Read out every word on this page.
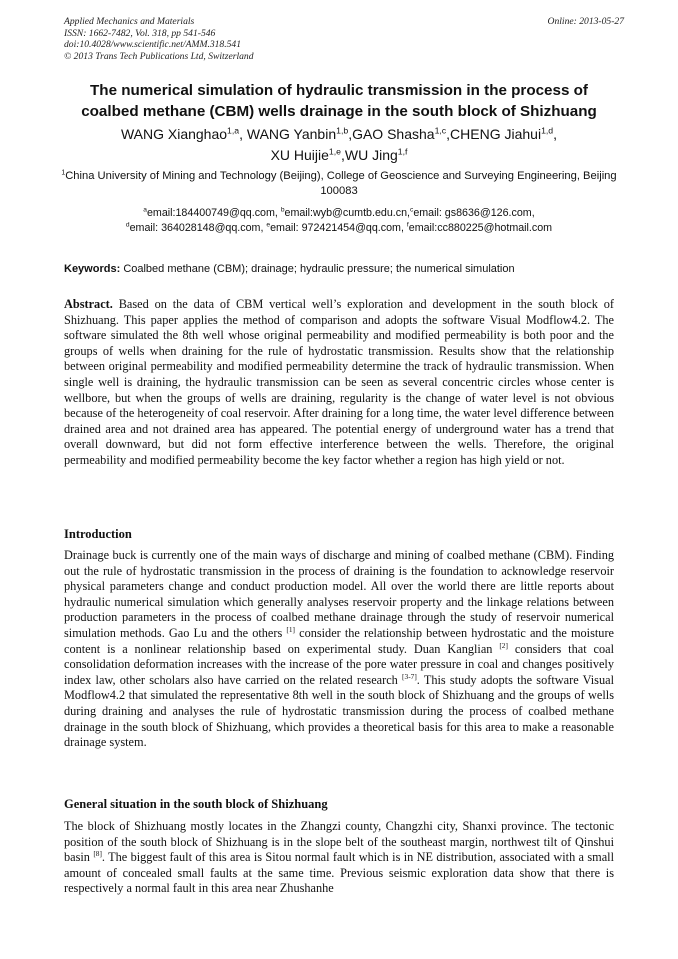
Applied Mechanics and Materials
ISSN: 1662-7482, Vol. 318, pp 541-546
doi:10.4028/www.scientific.net/AMM.318.541
© 2013 Trans Tech Publications Ltd, Switzerland
Online: 2013-05-27
The numerical simulation of hydraulic transmission in the process of
coalbed methane (CBM) wells drainage in the south block of Shizhuang
WANG Xianghao$^{1,a}$, WANG Yanbin$^{1,b}$,GAO Shasha$^{1,c}$,CHENG Jiahui$^{1,d}$,
XU Huijie$^{1,e}$,WU Jing$^{1,f}$
$^1$China University of Mining and Technology (Beijing), College of Geoscience and Surveying Engineering, Beijing 100083
$^a$email:184400749@qq.com, $^b$email:wyb@cumtb.edu.cn,$^c$email: gs8636@126.com,
$^d$email: 364028148@qq.com, $^e$email: 972421454@qq.com, $^f$email:cc880225@hotmail.com
Keywords: Coalbed methane (CBM); drainage; hydraulic pressure; the numerical simulation
Abstract. Based on the data of CBM vertical well’s exploration and development in the south block of Shizhuang. This paper applies the method of comparison and adopts the software Visual Modflow4.2. The software simulated the 8th well whose original permeability and modified permeability is both poor and the groups of wells when draining for the rule of hydrostatic transmission. Results show that the relationship between original permeability and modified permeability determine the track of hydraulic transmission. When single well is draining, the hydraulic transmission can be seen as several concentric circles whose center is wellbore, but when the groups of wells are draining, regularity is the change of water level is not obvious because of the heterogeneity of coal reservoir. After draining for a long time, the water level difference between drained area and not drained area has appeared. The potential energy of underground water has a trend that overall downward, but did not form effective interference between the wells. Therefore, the original permeability and modified permeability become the key factor whether a region has high yield or not.
Introduction
Drainage buck is currently one of the main ways of discharge and mining of coalbed methane (CBM). Finding out the rule of hydrostatic transmission in the process of draining is the foundation to acknowledge reservoir physical parameters change and conduct production model. All over the world there are little reports about hydraulic numerical simulation which generally analyses reservoir property and the linkage relations between production parameters in the process of coalbed methane drainage through the study of reservoir numerical simulation methods. Gao Lu and the others [1] consider the relationship between hydrostatic and the moisture content is a nonlinear relationship based on experimental study. Duan Kanglian [2] considers that coal consolidation deformation increases with the increase of the pore water pressure in coal and changes positively index law, other scholars also have carried on the related research [3-7]. This study adopts the software Visual Modflow4.2 that simulated the representative 8th well in the south block of Shizhuang and the groups of wells during draining and analyses the rule of hydrostatic transmission during the process of coalbed methane drainage in the south block of Shizhuang, which provides a theoretical basis for this area to make a reasonable drainage system.
General situation in the south block of Shizhuang
The block of Shizhuang mostly locates in the Zhangzi county, Changzhi city, Shanxi province. The tectonic position of the south block of Shizhuang is in the slope belt of the southeast margin, northwest tilt of Qinshui basin [8]. The biggest fault of this area is Sitou normal fault which is in NE distribution, associated with a small amount of concealed small faults at the same time. Previous seismic exploration data show that there is respectively a normal fault in this area near Zhushanhe
